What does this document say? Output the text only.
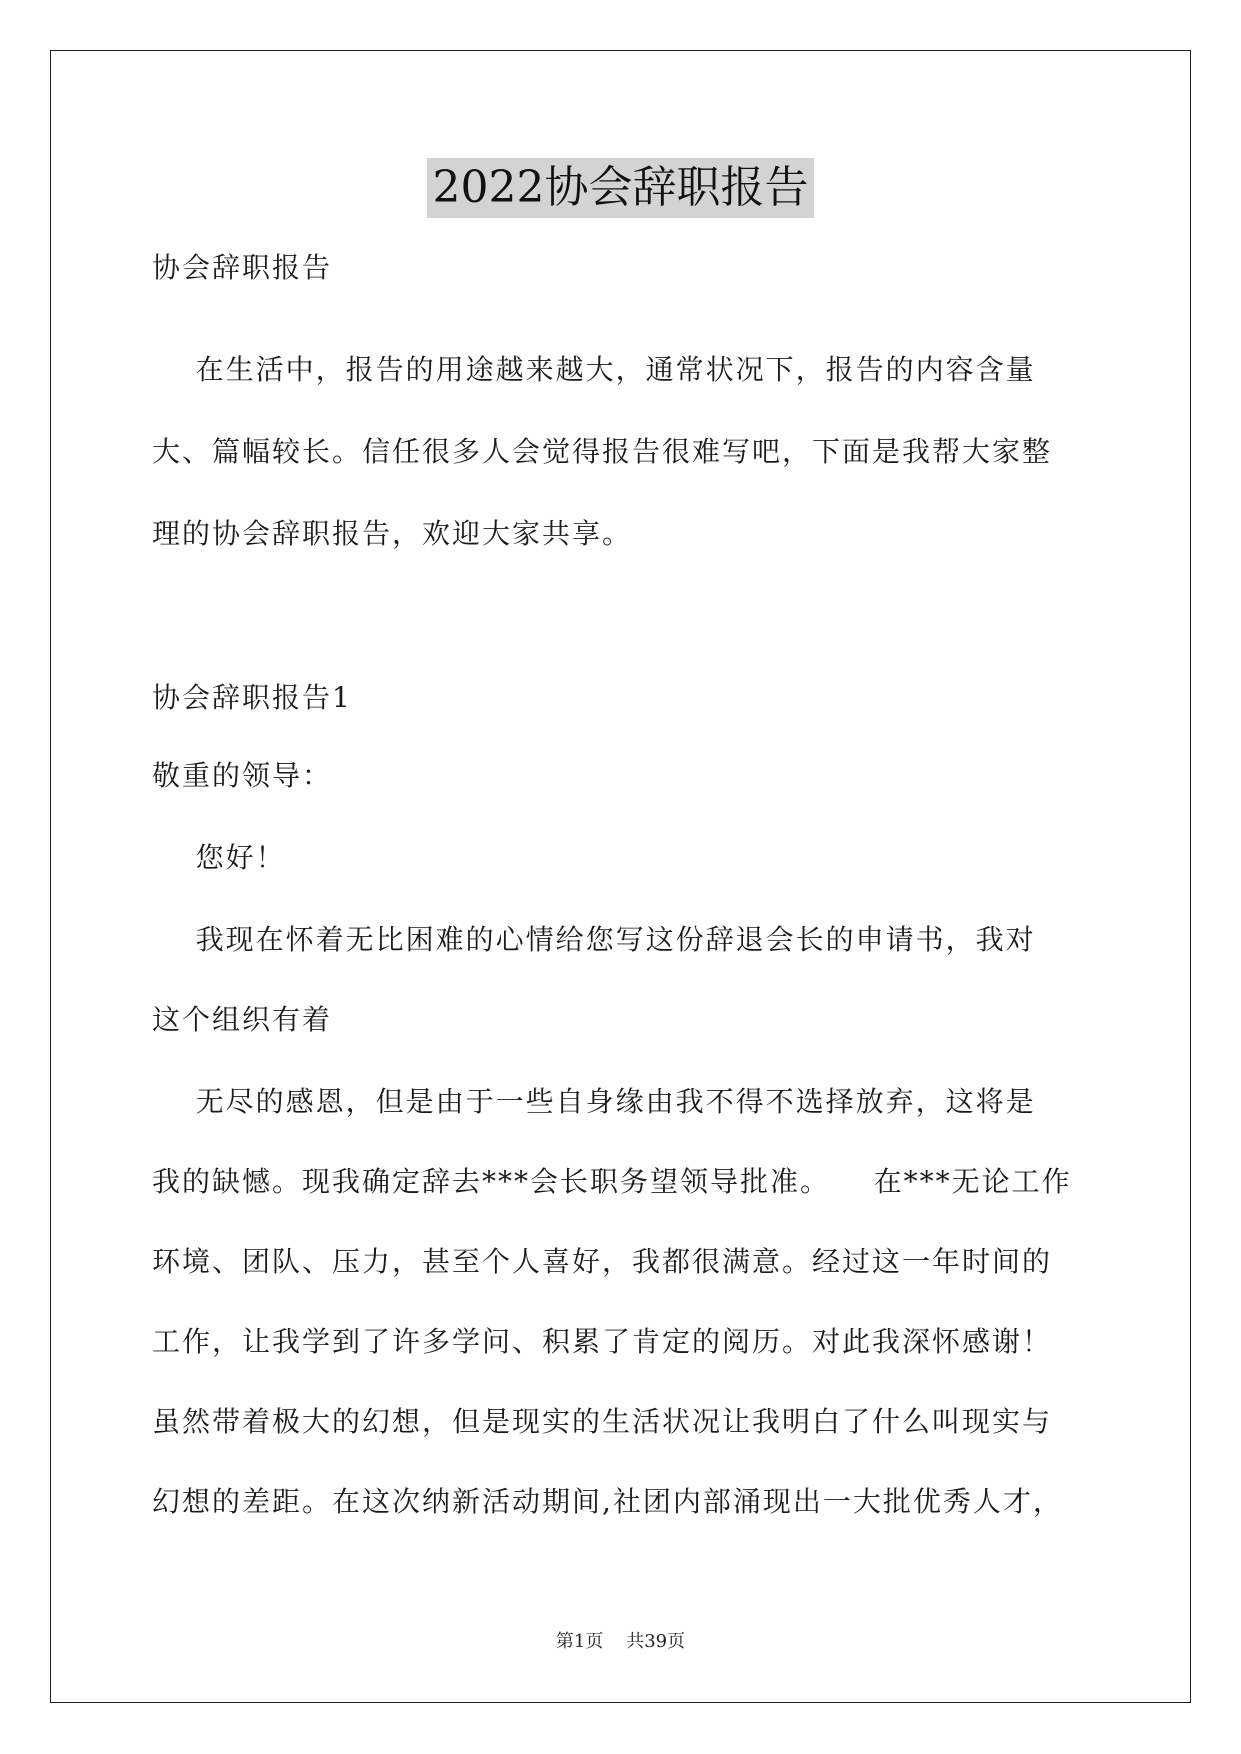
2022协会辞职报告
协会辞职报告
在生活中，报告的用途越来越大，通常状况下，报告的内容含量
大、篇幅较长。信任很多人会觉得报告很难写吧，下面是我帮大家整
理的协会辞职报告，欢迎大家共享。
协会辞职报告1
敬重的领导：
您好！
我现在怀着无比困难的心情给您写这份辞退会长的申请书，我对
这个组织有着
无尽的感恩，但是由于一些自身缘由我不得不选择放弃，这将是
我的缺憾。现我确定辞去***会长职务望领导批准。    在***无论工作
环境、团队、压力，甚至个人喜好，我都很满意。经过这一年时间的
工作，让我学到了许多学问、积累了肯定的阅历。对此我深怀感谢！
虽然带着极大的幻想，但是现实的生活状况让我明白了什么叫现实与
幻想的差距。在这次纳新活动期间,社团内部涌现出一大批优秀人才，
第1页    共39页
